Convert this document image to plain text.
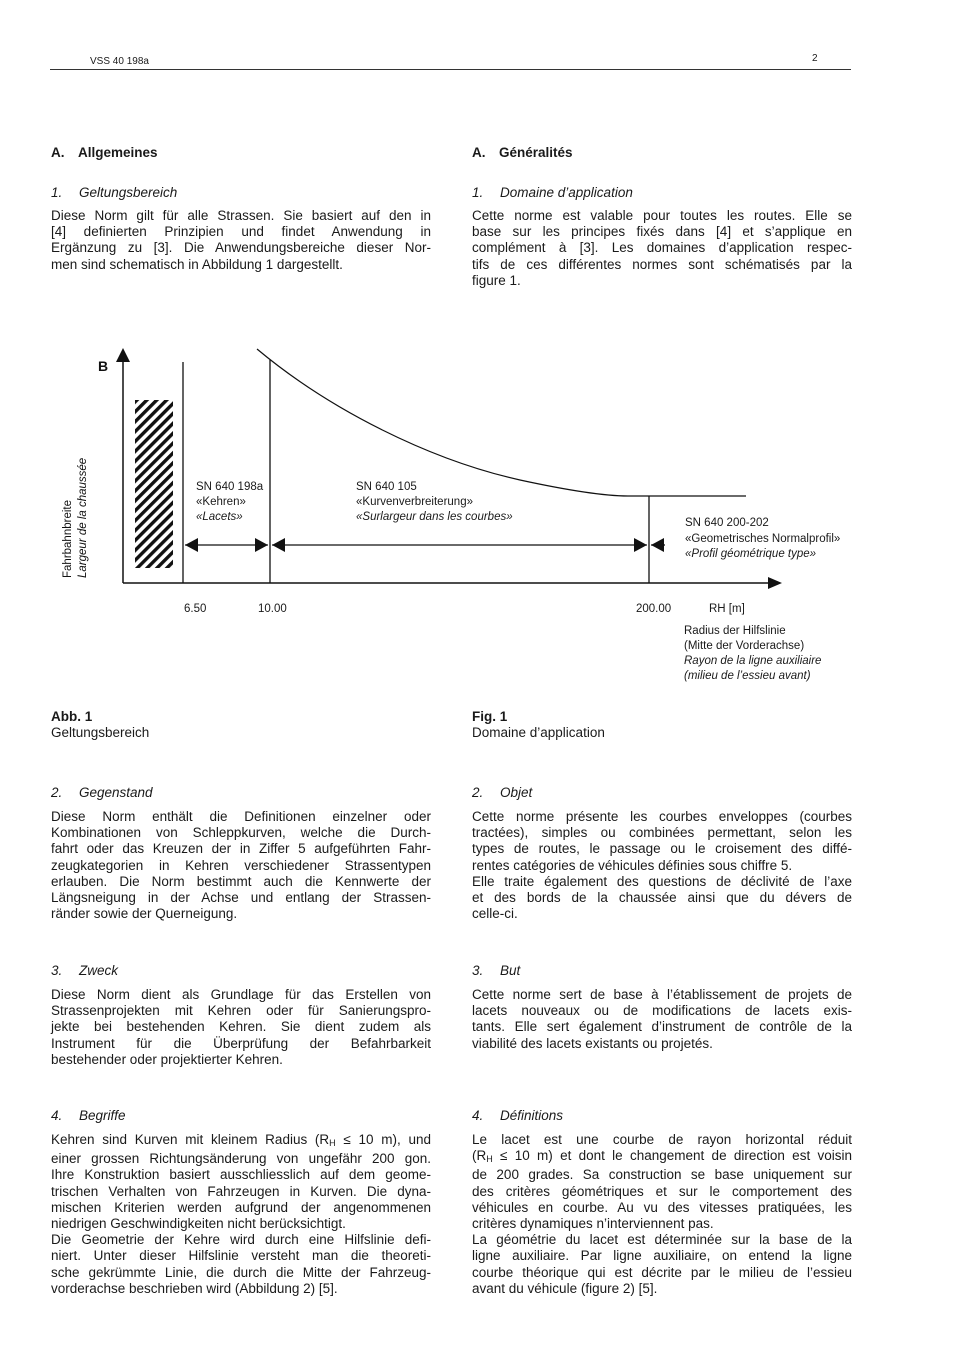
VSS 40 198a	2
A. Allgemeines
1. Geltungsbereich
Diese Norm gilt für alle Strassen. Sie basiert auf den in
[4] definierten Prinzipien und findet Anwendung in
Ergänzung zu [3]. Die Anwendungsbereiche dieser Nor-
men sind schematisch in Abbildung 1 dargestellt.
A. Généralités
1. Domaine d’application
Cette norme est valable pour toutes les routes. Elle se
base sur les principes fixés dans [4] et s’applique en
complément à [3]. Les domaines d’application respec-
tifs de ces différentes normes sont schématisés par la
figure 1.
B
Fahrbahnbreite Largeur de la chaussée	SN 640 198a
«Kehren»
«Lacets»
SN 640 105
«Kurvenverbreiterung»
«Surlargeur dans les courbes»	SN 640 200-202
«Geometrisches Normalprofil»
«Profil géométrique type»
6.50	10.00	200.00	RH [m]
Radius der Hilfslinie
(Mitte der Vorderachse)
Rayon de la ligne auxiliaire
(milieu de l’essieu avant)
Abb. 1
Geltungsbereich
Fig. 1
Domaine d’application
2. Gegenstand
Diese Norm enthält die Definitionen einzelner oder
Kombinationen von Schleppkurven, welche die Durch-
fahrt oder das Kreuzen der in Ziffer 5 aufgeführten Fahr-
zeugkategorien in Kehren verschiedener Strassentypen
erlauben. Die Norm bestimmt auch die Kennwerte der
Längsneigung in der Achse und entlang der Strassen-
ränder sowie der Querneigung.
2. Objet
Cette norme présente les courbes enveloppes (courbes
tractées), simples ou combinées permettant, selon les
types de routes, le passage ou le croisement des diffé-
rentes catégories de véhicules définies sous chiffre 5.
Elle traite également des questions de déclivité de l’axe
et des bords de la chaussée ainsi que du dévers de
celle-ci.
3. Zweck
Diese Norm dient als Grundlage für das Erstellen von
Strassenprojekten mit Kehren oder für Sanierungspro-
jekte bei bestehenden Kehren. Sie dient zudem als
Instrument für die Überprüfung der Befahrbarkeit
bestehender oder projektierter Kehren.
3. But
Cette norme sert de base à l’établissement de projets de
lacets nouveaux ou de modifications de lacets exis-
tants. Elle sert également d’instrument de contrôle de la
viabilité des lacets existants ou projetés.
4. Begriffe
Kehren sind Kurven mit kleinem Radius ($R_H \le 10$ m), und
einer grossen Richtungsänderung von ungefähr 200 gon.
Ihre Konstruktion basiert ausschliesslich auf dem geome-
trischen Verhalten von Fahrzeugen in Kurven. Die dyna-
mischen Kriterien werden aufgrund der angenommenen
niedrigen Geschwindigkeiten nicht berücksichtigt.
Die Geometrie der Kehre wird durch eine Hilfslinie defi-
niert. Unter dieser Hilfslinie versteht man die theoreti-
sche gekrümmte Linie, die durch die Mitte der Fahrzeug-
vorderachse beschrieben wird (Abbildung 2) [5].
4. Définitions
Le lacet est une courbe de rayon horizontal réduit
($R_H \le 10$ m) et dont le changement de direction est voisin
de 200 grades. Sa construction se base uniquement sur
des critères géométriques et sur le comportement des
véhicules en courbe. Au vu des vitesses pratiquées, les
critères dynamiques n’interviennent pas.
La géométrie du lacet est déterminée sur la base de la
ligne auxiliaire. Par ligne auxiliaire, on entend la ligne
courbe théorique qui est décrite par le milieu de l’essieu
avant du véhicule (figure 2) [5].
